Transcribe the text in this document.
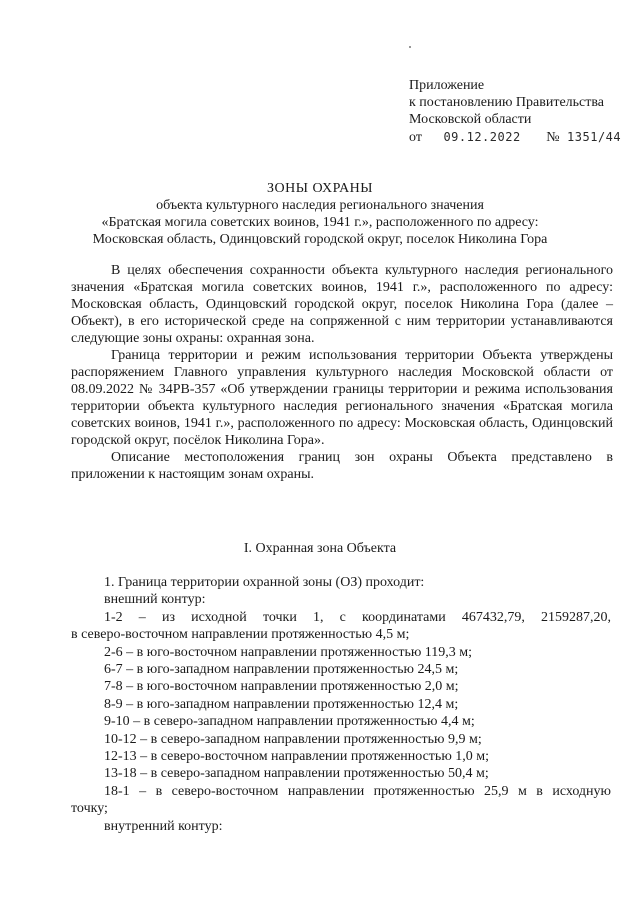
Приложение
к постановлению Правительства
Московской области
от 09.12.2022 № 1351/44
ЗОНЫ ОХРАНЫ
объекта культурного наследия регионального значения
«Братская могила советских воинов, 1941 г.», расположенного по адресу:
Московская область, Одинцовский городской округ, поселок Николина Гора

В целях обеспечения сохранности объекта культурного наследия регионального значения «Братская могила советских воинов, 1941 г.», расположенного по адресу: Московская область, Одинцовский городской округ, поселок Николина Гора (далее – Объект), в его исторической среде на сопряженной с ним территории устанавливаются следующие зоны охраны: охранная зона.

Граница территории и режим использования территории Объекта утверждены распоряжением Главного управления культурного наследия Московской области от 08.09.2022 № 34РВ-357 «Об утверждении границы территории и режима использования территории объекта культурного наследия регионального значения «Братская могила советских воинов, 1941 г.», расположенного по адресу: Московская область, Одинцовский городской округ, посёлок Николина Гора».

Описание местоположения границ зон охраны Объекта представлено в приложении к настоящим зонам охраны.

I. Охранная зона Объекта
1. Граница территории охранной зоны (ОЗ) проходит:
внешний контур:
1-2 – из исходной точки 1, с координатами 467432,79, 2159287,20,
в северо-восточном направлении протяженностью 4,5 м;
2-6 – в юго-восточном направлении протяженностью 119,3 м;
6-7 – в юго-западном направлении протяженностью 24,5 м;
7-8 – в юго-восточном направлении протяженностью 2,0 м;
8-9 – в юго-западном направлении протяженностью 12,4 м;
9-10 – в северо-западном направлении протяженностью 4,4 м;
10-12 – в северо-западном направлении протяженностью 9,9 м;
12-13 – в северо-восточном направлении протяженностью 1,0 м;
13-18 – в северо-западном направлении протяженностью 50,4 м;
18-1 – в северо-восточном направлении протяженностью 25,9 м в исходную
точку;
внутренний контур:
